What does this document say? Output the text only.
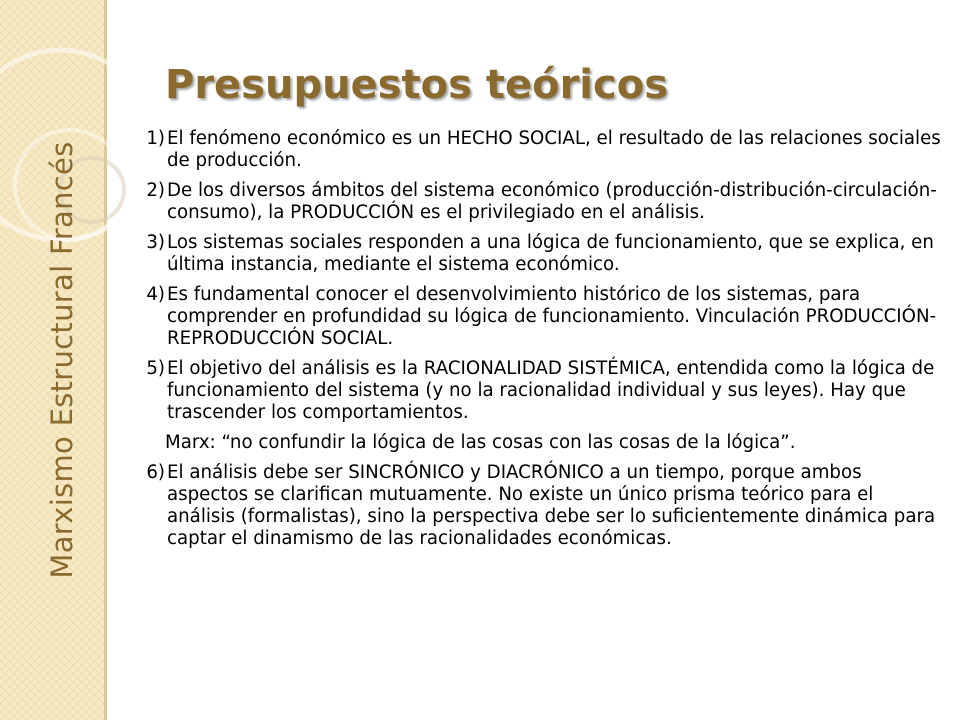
Marxismo Estructural Francés
Presupuestos teóricos
1) El fenómeno económico es un HECHO SOCIAL, el resultado de las relaciones sociales de producción.
2) De los diversos ámbitos del sistema económico (producción-distribución-circulación-consumo), la PRODUCCIÓN es el privilegiado en el análisis.
3) Los sistemas sociales responden a una lógica de funcionamiento, que se explica, en última instancia, mediante el sistema económico.
4) Es fundamental conocer el desenvolvimiento histórico de los sistemas, para comprender en profundidad su lógica de funcionamiento. Vinculación PRODUCCIÓN-REPRODUCCIÓN SOCIAL.
5) El objetivo del análisis es la RACIONALIDAD SISTÉMICA, entendida como la lógica de funcionamiento del sistema (y no la racionalidad individual y sus leyes). Hay que trascender los comportamientos.

Marx: “no confundir la lógica de las cosas con las cosas de la lógica”.

6) El análisis debe ser SINCRÓNICO y DIACRÓNICO a un tiempo, porque ambos aspectos se clarifican mutuamente. No existe un único prisma teórico para el análisis (formalistas), sino la perspectiva debe ser lo suficientemente dinámica para captar el dinamismo de las racionalidades económicas.
